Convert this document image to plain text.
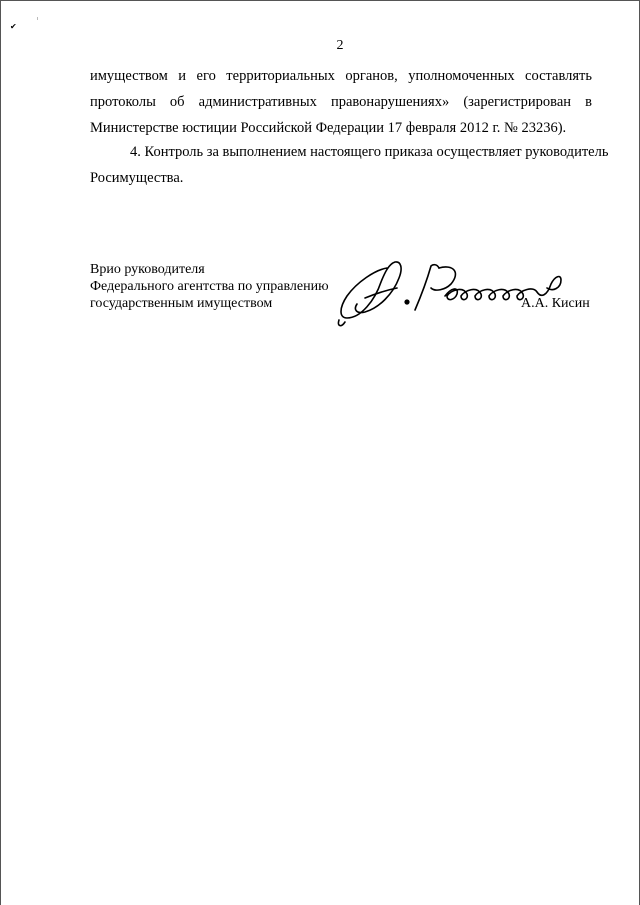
✔
2
имуществом и его территориальных органов, уполномоченных составлять
протоколы об административных правонарушениях» (зарегистрирован в
Министерстве юстиции Российской Федерации 17 февраля 2012 г. № 23236).
4. Контроль за выполнением настоящего приказа осуществляет руководитель
Росимущества.
Врио руководителя
Федерального агентства по управлению
государственным имуществом	А.А. Кисин
